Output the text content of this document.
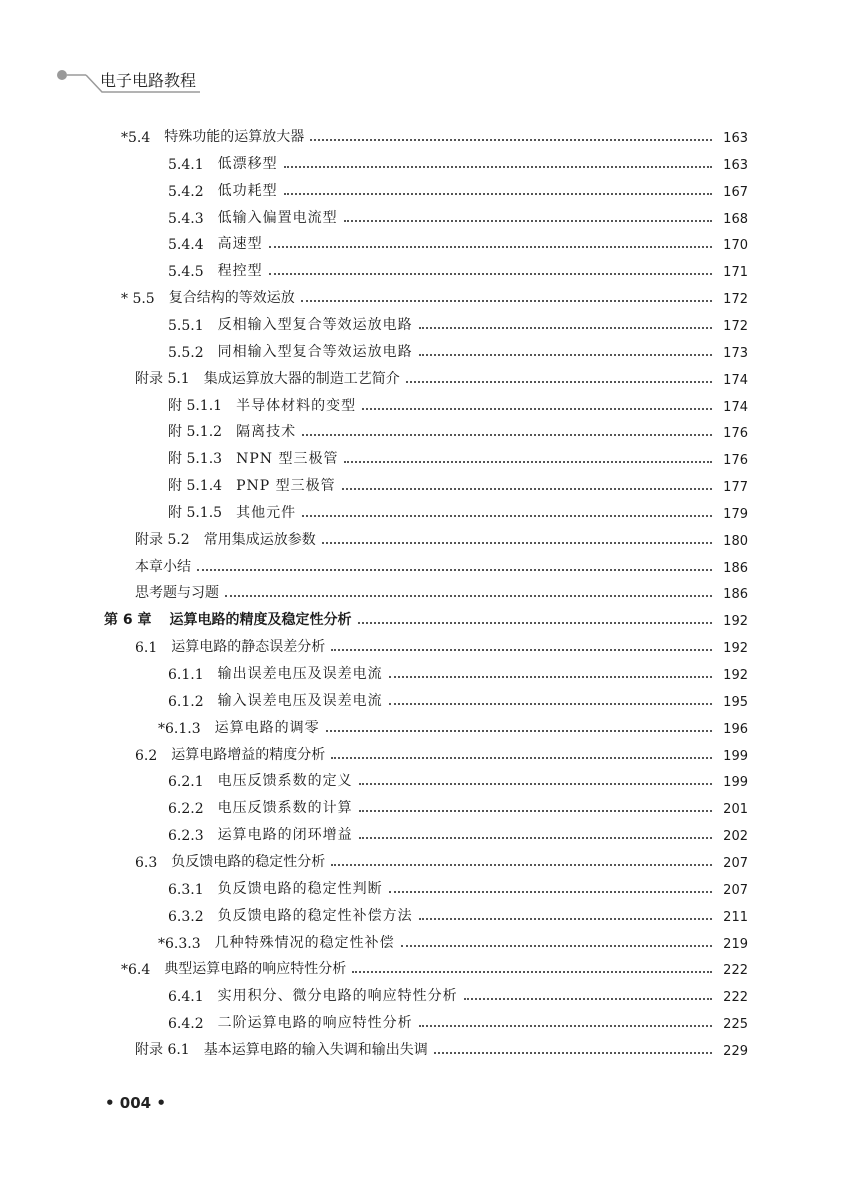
电子电路教程
*5.4 特殊功能的运算放大器	163
5.4.1 低漂移型	163
5.4.2 低功耗型	167
5.4.3 低输入偏置电流型	168
5.4.4 高速型	170
5.4.5 程控型	171
* 5.5 复合结构的等效运放	172
5.5.1 反相输入型复合等效运放电路	172
5.5.2 同相输入型复合等效运放电路	173
附录 5.1 集成运算放大器的制造工艺简介	174
附 5.1.1 半导体材料的变型	174
附 5.1.2 隔离技术	176
附 5.1.3 NPN 型三极管	176
附 5.1.4 PNP 型三极管	177
附 5.1.5 其他元件	179
附录 5.2 常用集成运放参数	180
本章小结	186
思考题与习题	186
第 6 章 运算电路的精度及稳定性分析	192
6.1 运算电路的静态误差分析	192
6.1.1 输出误差电压及误差电流	192
6.1.2 输入误差电压及误差电流	195
*6.1.3 运算电路的调零	196
6.2 运算电路增益的精度分析	199
6.2.1 电压反馈系数的定义	199
6.2.2 电压反馈系数的计算	201
6.2.3 运算电路的闭环增益	202
6.3 负反馈电路的稳定性分析	207
6.3.1 负反馈电路的稳定性判断	207
6.3.2 负反馈电路的稳定性补偿方法	211
*6.3.3 几种特殊情况的稳定性补偿	219
*6.4 典型运算电路的响应特性分析	222
6.4.1 实用积分、微分电路的响应特性分析	222
6.4.2 二阶运算电路的响应特性分析	225
附录 6.1 基本运算电路的输入失调和输出失调	229
• 004 •
